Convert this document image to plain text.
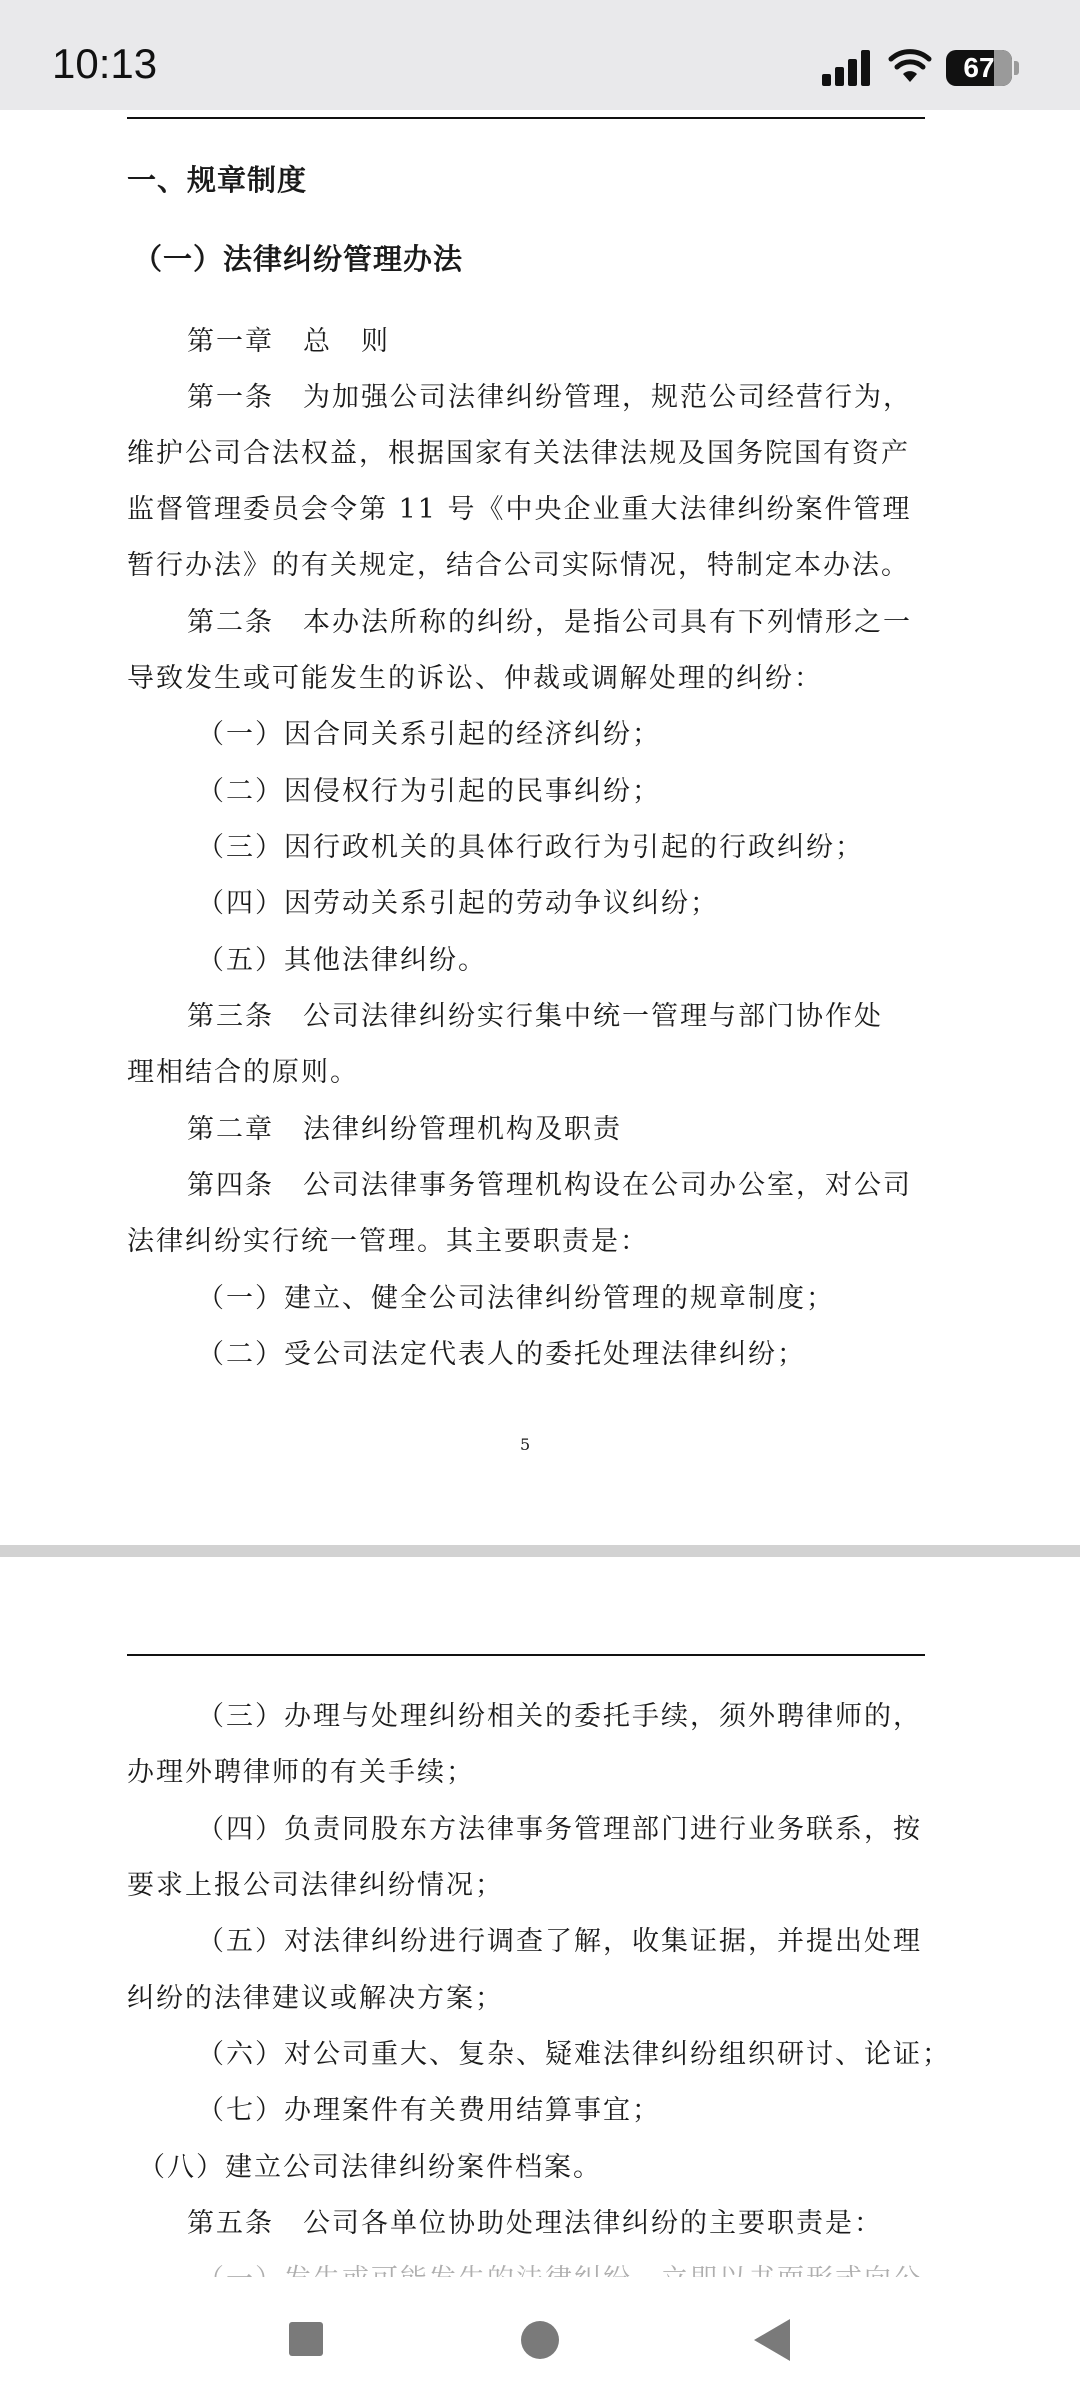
10:13	67
一、规章制度
（一）法律纠纷管理办法
第一章　总　则
第一条　为加强公司法律纠纷管理，规范公司经营行为，
维护公司合法权益，根据国家有关法律法规及国务院国有资产
监督管理委员会令第 11 号《中央企业重大法律纠纷案件管理
暂行办法》的有关规定，结合公司实际情况，特制定本办法。
第二条　本办法所称的纠纷，是指公司具有下列情形之一
导致发生或可能发生的诉讼、仲裁或调解处理的纠纷：
（一）因合同关系引起的经济纠纷；
（二）因侵权行为引起的民事纠纷；
（三）因行政机关的具体行政行为引起的行政纠纷；
（四）因劳动关系引起的劳动争议纠纷；
（五）其他法律纠纷。
第三条　公司法律纠纷实行集中统一管理与部门协作处
理相结合的原则。
第二章　法律纠纷管理机构及职责
第四条　公司法律事务管理机构设在公司办公室，对公司
法律纠纷实行统一管理。其主要职责是：
（一）建立、健全公司法律纠纷管理的规章制度；
（二）受公司法定代表人的委托处理法律纠纷；
5
（三）办理与处理纠纷相关的委托手续，须外聘律师的，
办理外聘律师的有关手续；
（四）负责同股东方法律事务管理部门进行业务联系，按
要求上报公司法律纠纷情况；
（五）对法律纠纷进行调查了解，收集证据，并提出处理
纠纷的法律建议或解决方案；
（六）对公司重大、复杂、疑难法律纠纷组织研讨、论证；
（七）办理案件有关费用结算事宜；
（八）建立公司法律纠纷案件档案。
第五条　公司各单位协助处理法律纠纷的主要职责是：
